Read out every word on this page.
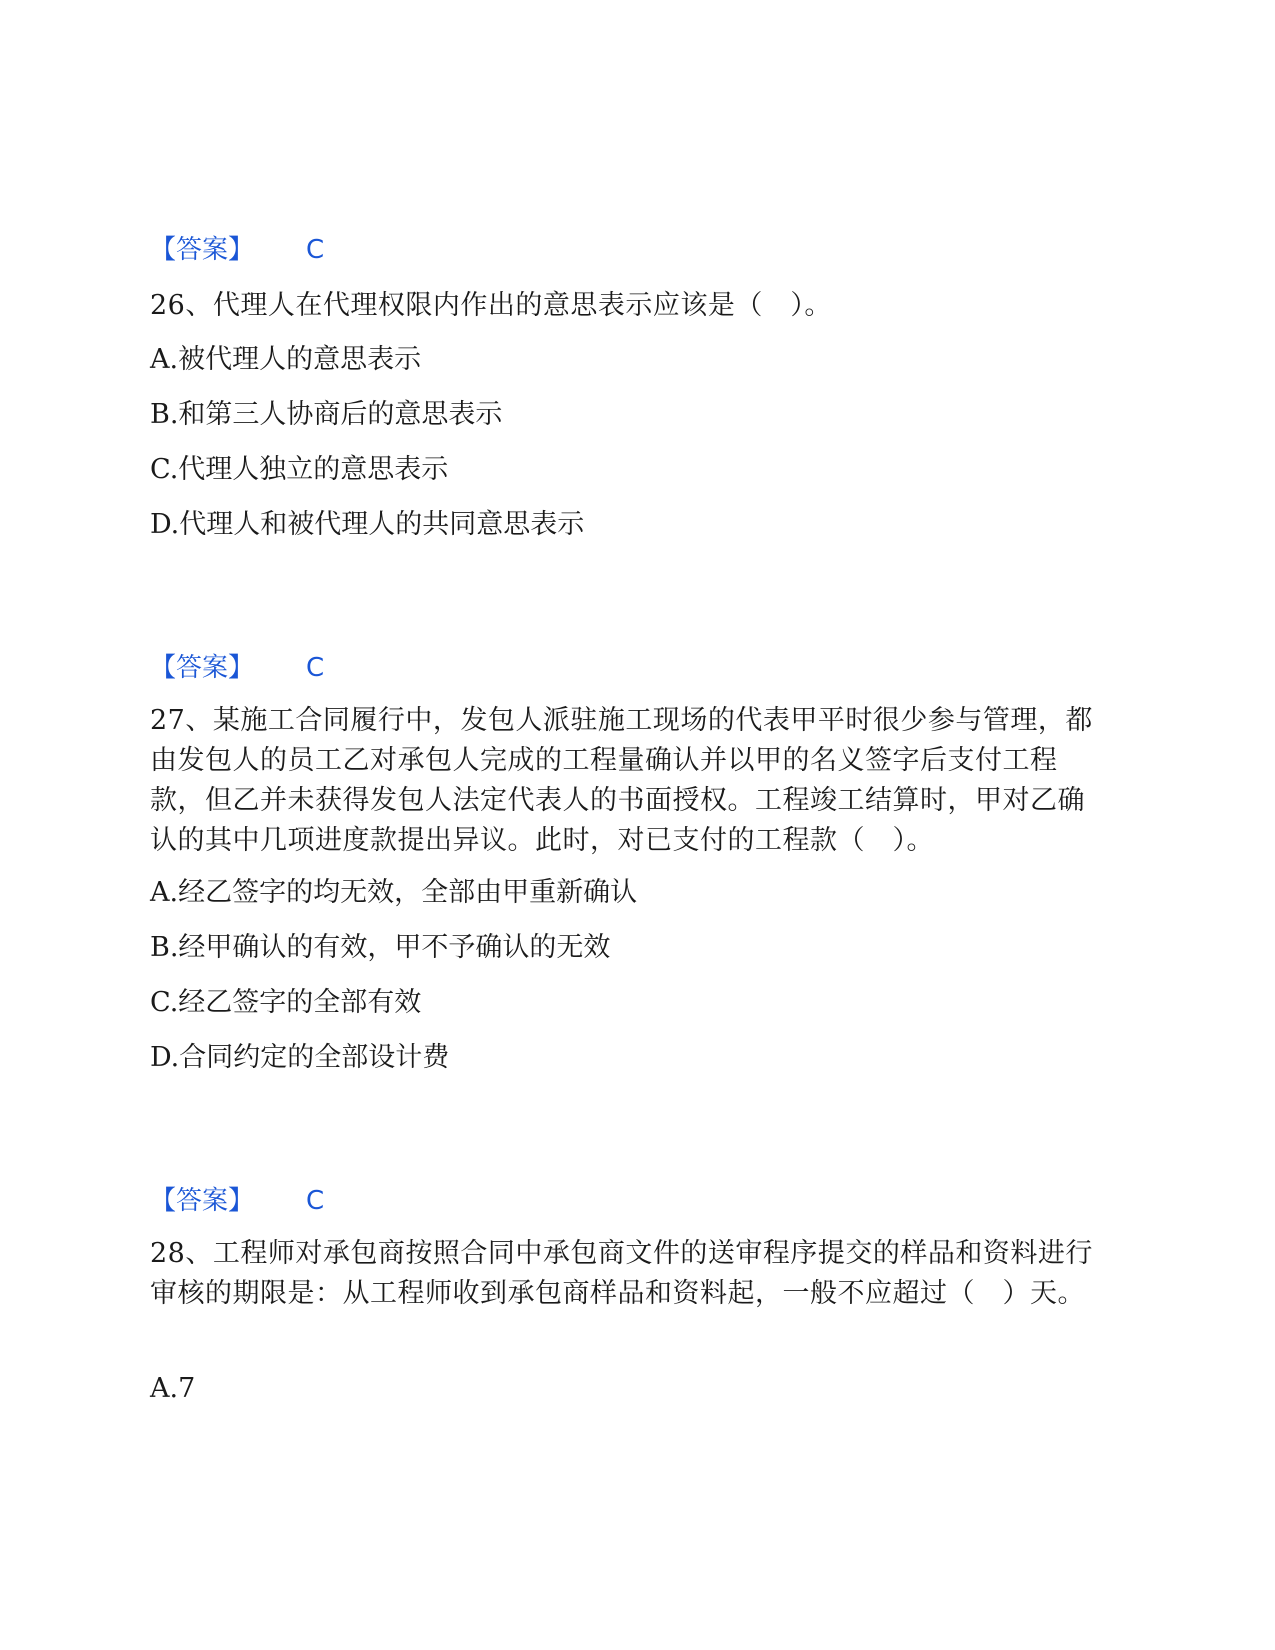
【答案】 C

26、代理人在代理权限内作出的意思表示应该是（　）。

A.被代理人的意思表示
B.和第三人协商后的意思表示
C.代理人独立的意思表示
D.代理人和被代理人的共同意思表示
【答案】 C

27、某施工合同履行中，发包人派驻施工现场的代表甲平时很少参与管理，都由发包人的员工乙对承包人完成的工程量确认并以甲的名义签字后支付工程款，但乙并未获得发包人法定代表人的书面授权。工程竣工结算时，甲对乙确认的其中几项进度款提出异议。此时，对已支付的工程款（　）。

A.经乙签字的均无效，全部由甲重新确认
B.经甲确认的有效，甲不予确认的无效
C.经乙签字的全部有效
D.合同约定的全部设计费
【答案】 C

28、工程师对承包商按照合同中承包商文件的送审程序提交的样品和资料进行审核的期限是：从工程师收到承包商样品和资料起，一般不应超过（　）天。

A.7
